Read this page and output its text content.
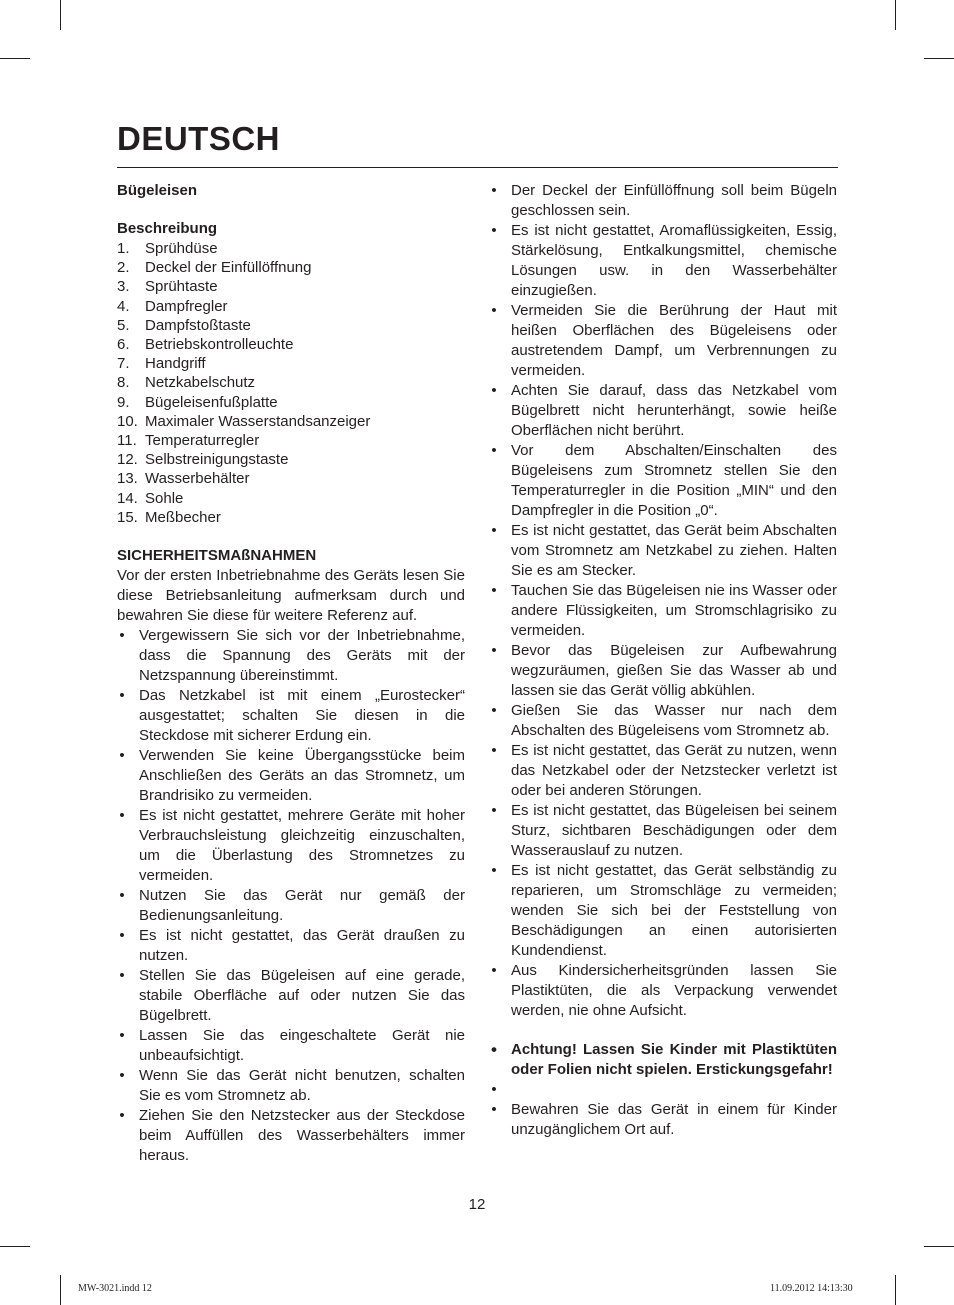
DEUTSCH
Bügeleisen
Beschreibung
1.	Sprühdüse
2.	Deckel der Einfüllöffnung
3.	Sprühtaste
4.	Dampfregler
5.	Dampfstoßtaste
6.	Betriebskontrolleuchte
7.	Handgriff
8.	Netzkabelschutz
9.	Bügeleisenfußplatte
10. Maximaler Wasserstandsanzeiger
11. Temperaturregler
12. Selbstreinigungstaste
13. Wasserbehälter
14. Sohle
15. Meßbecher
SICHERHEITSMAßNAHMEN

Vor der ersten Inbetriebnahme des Geräts lesen Sie diese Betriebsanleitung aufmerksam durch und bewahren Sie diese für weitere Referenz auf.

• Vergewissern Sie sich vor der Inbetriebnahme, dass die Spannung des Geräts mit der Netzspannung übereinstimmt.
• Das Netzkabel ist mit einem „Eurostecker“ ausgestattet; schalten Sie diesen in die Steckdose mit sicherer Erdung ein.
• Verwenden Sie keine Übergangsstücke beim Anschließen des Geräts an das Stromnetz, um Brandrisiko zu vermeiden.
• Es ist nicht gestattet, mehrere Geräte mit hoher Verbrauchsleistung gleichzeitig einzuschalten, um die Überlastung des Stromnetzes zu vermeiden.
• Nutzen Sie das Gerät nur gemäß der Bedienungsanleitung.
• Es ist nicht gestattet, das Gerät draußen zu nutzen.
• Stellen Sie das Bügeleisen auf eine gerade, stabile Oberfläche auf oder nutzen Sie das Bügelbrett.
• Lassen Sie das eingeschaltete Gerät nie unbeaufsichtigt.
• Wenn Sie das Gerät nicht benutzen, schalten Sie es vom Stromnetz ab.
• Ziehen Sie den Netzstecker aus der Steckdose beim Auffüllen des Wasserbehälters immer heraus.
• Der Deckel der Einfüllöffnung soll beim Bügeln geschlossen sein.
• Es ist nicht gestattet, Aromaflüssigkeiten, Essig, Stärkelösung, Entkalkungsmittel, chemische Lösungen usw. in den Wasserbehälter einzugießen.
• Vermeiden Sie die Berührung der Haut mit heißen Oberflächen des Bügeleisens oder austretendem Dampf, um Verbrennungen zu vermeiden.
• Achten Sie darauf, dass das Netzkabel vom Bügelbrett nicht herunterhängt, sowie heiße Oberflächen nicht berührt.
• Vor dem Abschalten/Einschalten des Bügeleisens zum Stromnetz stellen Sie den Temperaturregler in die Position „MIN“ und den Dampfregler in die Position „0“.
• Es ist nicht gestattet, das Gerät beim Abschalten vom Stromnetz am Netzkabel zu ziehen. Halten Sie es am Stecker.
• Tauchen Sie das Bügeleisen nie ins Wasser oder andere Flüssigkeiten, um Stromschlagrisiko zu vermeiden.
• Bevor das Bügeleisen zur Aufbewahrung wegzuräumen, gießen Sie das Wasser ab und lassen sie das Gerät völlig abkühlen.
• Gießen Sie das Wasser nur nach dem Abschalten des Bügeleisens vom Stromnetz ab.
• Es ist nicht gestattet, das Gerät zu nutzen, wenn das Netzkabel oder der Netzstecker verletzt ist oder bei anderen Störungen.
• Es ist nicht gestattet, das Bügeleisen bei seinem Sturz, sichtbaren Beschädigungen oder dem Wasserauslauf zu nutzen.
• Es ist nicht gestattet, das Gerät selbständig zu reparieren, um Stromschläge zu vermeiden; wenden Sie sich bei der Feststellung von Beschädigungen an einen autorisierten Kundendienst.
• Aus Kindersicherheitsgründen lassen Sie Plastiktüten, die als Verpackung verwendet werden, nie ohne Aufsicht.
• Achtung! Lassen Sie Kinder mit Plastiktüten oder Folien nicht spielen. Erstickungsgefahr!
•

• Bewahren Sie das Gerät in einem für Kinder unzugänglichem Ort auf.
12
MW-3021.indd 12	11.09.2012 14:13:30
